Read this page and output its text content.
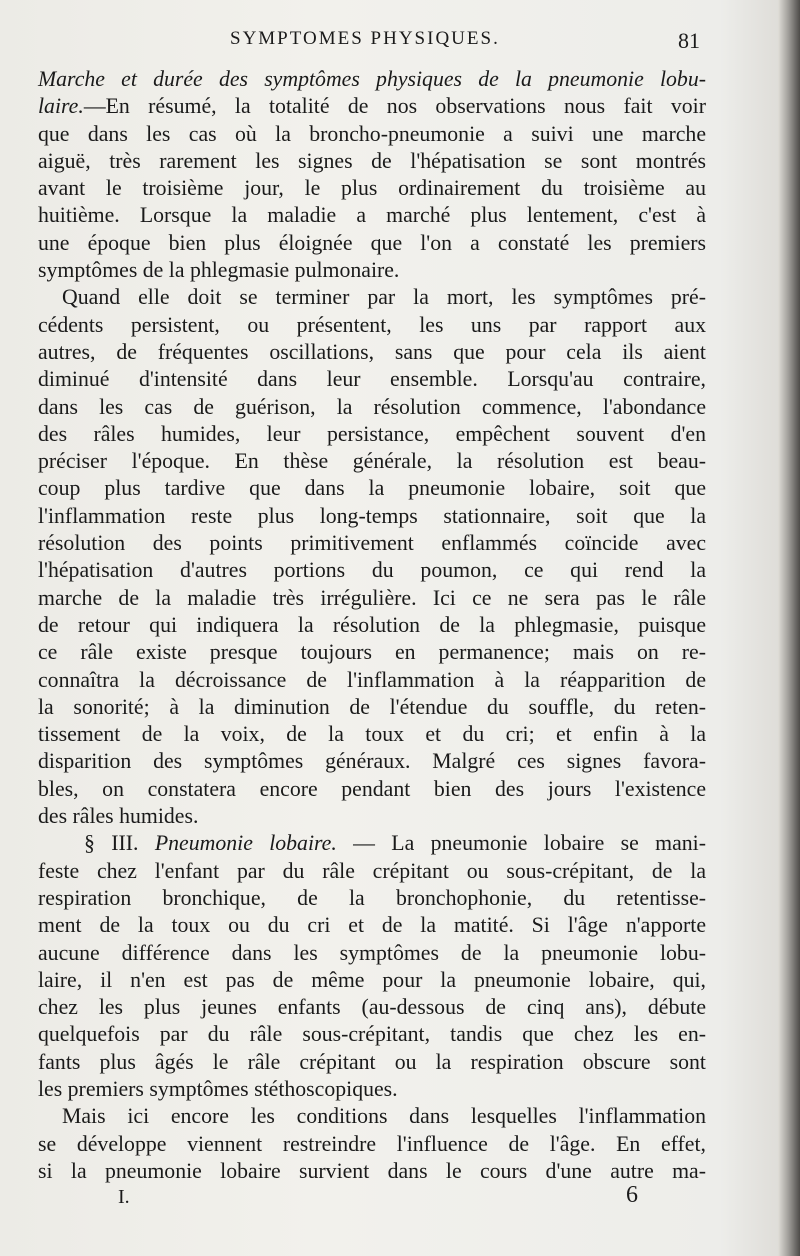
SYMPTOMES PHYSIQUES.	81
Marche et durée des symptômes physiques de la pneumonie lobu-
laire.—En résumé, la totalité de nos observations nous fait voir
que dans les cas où la broncho-pneumonie a suivi une marche
aiguë, très rarement les signes de l'hépatisation se sont montrés
avant le troisième jour, le plus ordinairement du troisième au
huitième. Lorsque la maladie a marché plus lentement, c'est à
une époque bien plus éloignée que l'on a constaté les premiers
symptômes de la phlegmasie pulmonaire.
Quand elle doit se terminer par la mort, les symptômes pré-
cédents persistent, ou présentent, les uns par rapport aux
autres, de fréquentes oscillations, sans que pour cela ils aient
diminué d'intensité dans leur ensemble. Lorsqu'au contraire,
dans les cas de guérison, la résolution commence, l'abondance
des râles humides, leur persistance, empêchent souvent d'en
préciser l'époque. En thèse générale, la résolution est beau-
coup plus tardive que dans la pneumonie lobaire, soit que
l'inflammation reste plus long-temps stationnaire, soit que la
résolution des points primitivement enflammés coïncide avec
l'hépatisation d'autres portions du poumon, ce qui rend la
marche de la maladie très irrégulière. Ici ce ne sera pas le râle
de retour qui indiquera la résolution de la phlegmasie, puisque
ce râle existe presque toujours en permanence; mais on re-
connaîtra la décroissance de l'inflammation à la réapparition de
la sonorité; à la diminution de l'étendue du souffle, du reten-
tissement de la voix, de la toux et du cri; et enfin à la
disparition des symptômes généraux. Malgré ces signes favora-
bles, on constatera encore pendant bien des jours l'existence
des râles humides.
§ III. Pneumonie lobaire. — La pneumonie lobaire se mani-
feste chez l'enfant par du râle crépitant ou sous-crépitant, de la
respiration bronchique, de la bronchophonie, du retentisse-
ment de la toux ou du cri et de la matité. Si l'âge n'apporte
aucune différence dans les symptômes de la pneumonie lobu-
laire, il n'en est pas de même pour la pneumonie lobaire, qui,
chez les plus jeunes enfants (au-dessous de cinq ans), débute
quelquefois par du râle sous-crépitant, tandis que chez les en-
fants plus âgés le râle crépitant ou la respiration obscure sont
les premiers symptômes stéthoscopiques.
Mais ici encore les conditions dans lesquelles l'inflammation
se développe viennent restreindre l'influence de l'âge. En effet,
si la pneumonie lobaire survient dans le cours d'une autre ma-
I.	6
